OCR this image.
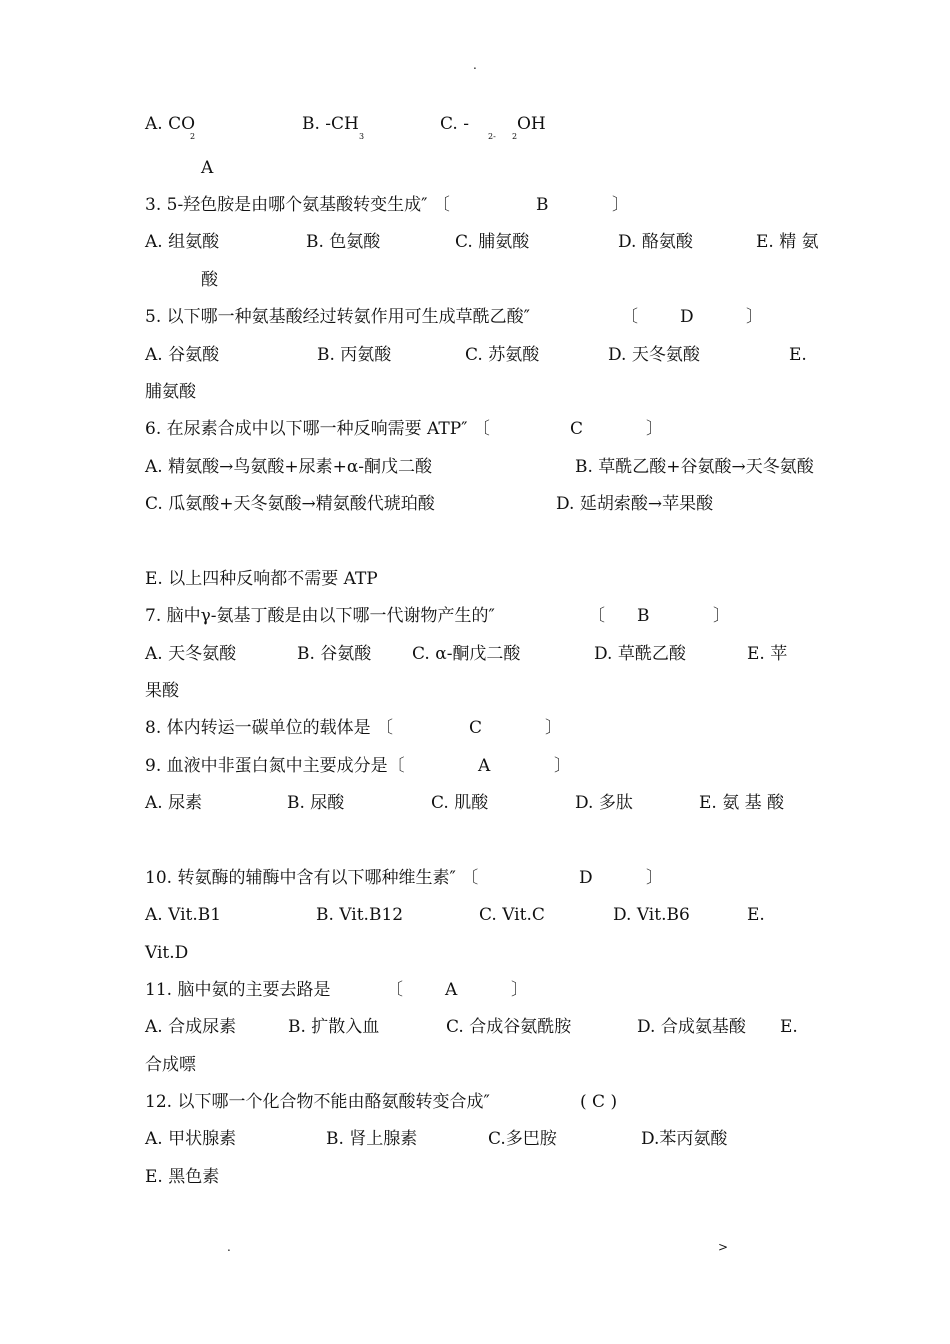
.
A. CO
2
B. -CH
3
C. -
2- 2
OH
A
3. 5-羟色胺是由哪个氨基酸转变生成″ 〔	B	〕
A. 组氨酸	B. 色氨酸	C. 脯氨酸	D. 酪氨酸	E. 精 氨
酸
5. 以下哪一种氨基酸经过转氨作用可生成草酰乙酸″	〔 D	〕
A. 谷氨酸	B. 丙氨酸	C. 苏氨酸	D. 天冬氨酸	E.
脯氨酸
6. 在尿素合成中以下哪一种反响需要 ATP″ 〔	C	〕
A. 精氨酸→鸟氨酸+尿素+α-酮戊二酸	B. 草酰乙酸+谷氨酸→天冬氨酸
C. 瓜氨酸+天冬氨酸→精氨酸代琥珀酸	D. 延胡索酸→苹果酸
E. 以上四种反响都不需要 ATP
7. 脑中γ-氨基丁酸是由以下哪一代谢物产生的″	〔 B	〕
A. 天冬氨酸	B. 谷氨酸 C. α-酮戊二酸	D. 草酰乙酸	E. 苹
果酸
8. 体内转运一碳单位的载体是 〔	C	〕
9. 血液中非蛋白氮中主要成分是〔	A	〕
A. 尿素	B. 尿酸	C. 肌酸	D. 多肽	E. 氨 基 酸
10. 转氨酶的辅酶中含有以下哪种维生素″ 〔	D	〕
A. Vit.B1	B. Vit.B12	C. Vit.C	D. Vit.B6	E.
Vit.D
11. 脑中氨的主要去路是	〔 A	〕
A. 合成尿素	B. 扩散入血	C. 合成谷氨酰胺	D. 合成氨基酸 E.
合成嘌
12. 以下哪一个化合物不能由酪氨酸转变合成″	( C )
A. 甲状腺素	B. 肾上腺素	C.多巴胺	D.苯丙氨酸
E. 黑色素
.	>
